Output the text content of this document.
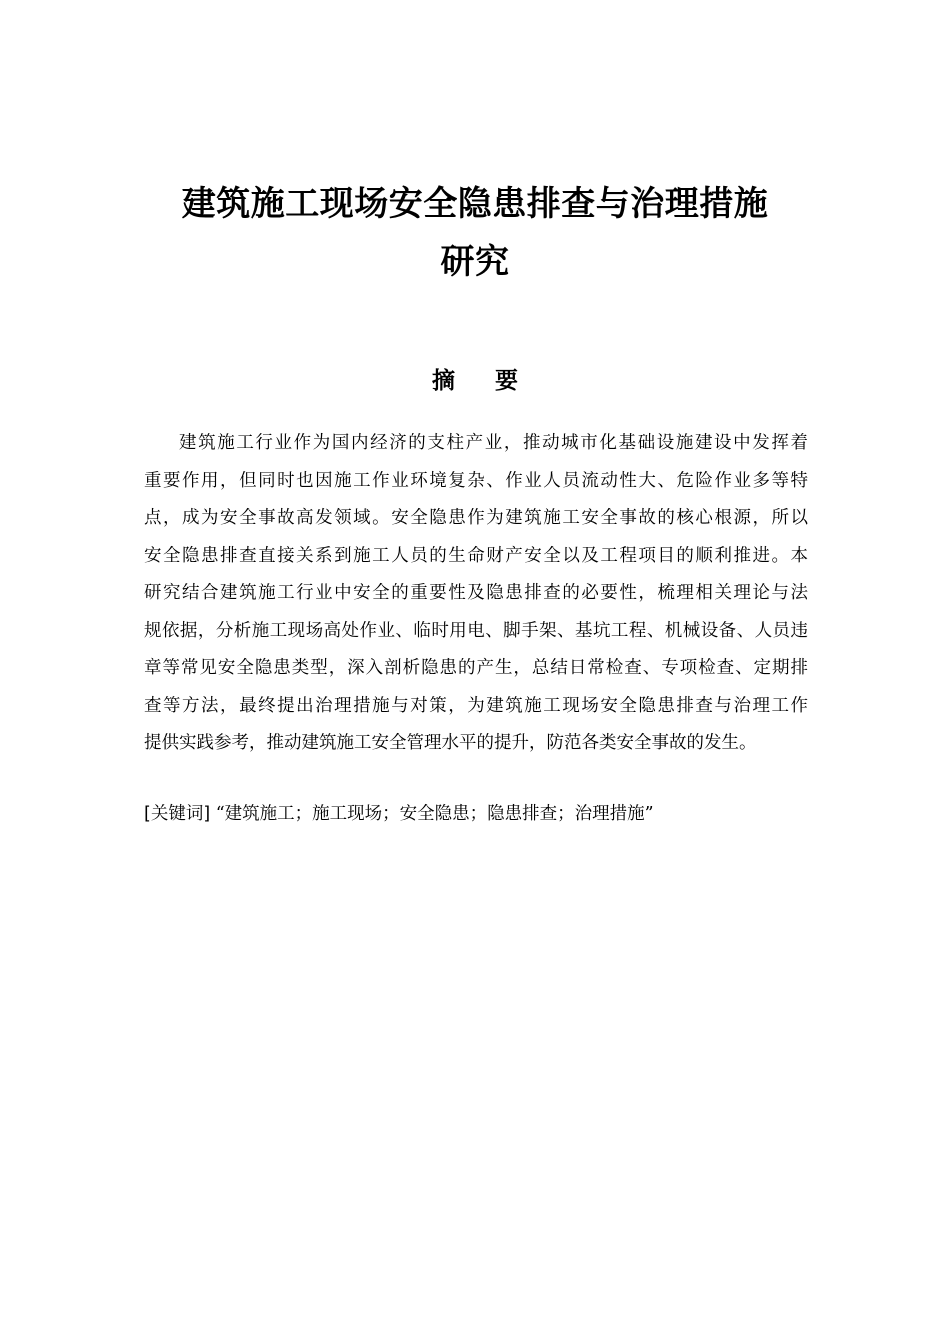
建筑施工现场安全隐患排查与治理措施
研究
摘要
建筑施工行业作为国内经济的支柱产业，推动城市化基础设施建设中发挥着
重要作用，但同时也因施工作业环境复杂、作业人员流动性大、危险作业多等特
点，成为安全事故高发领域。安全隐患作为建筑施工安全事故的核心根源，所以
安全隐患排查直接关系到施工人员的生命财产安全以及工程项目的顺利推进。本
研究结合建筑施工行业中安全的重要性及隐患排查的必要性，梳理相关理论与法
规依据，分析施工现场高处作业、临时用电、脚手架、基坑工程、机械设备、人员违
章等常见安全隐患类型，深入剖析隐患的产生，总结日常检查、专项检查、定期排
查等方法，最终提出治理措施与对策，为建筑施工现场安全隐患排查与治理工作
提供实践参考，推动建筑施工安全管理水平的提升，防范各类安全事故的发生。
[关键词] “建筑施工；施工现场；安全隐患；隐患排查；治理措施”
